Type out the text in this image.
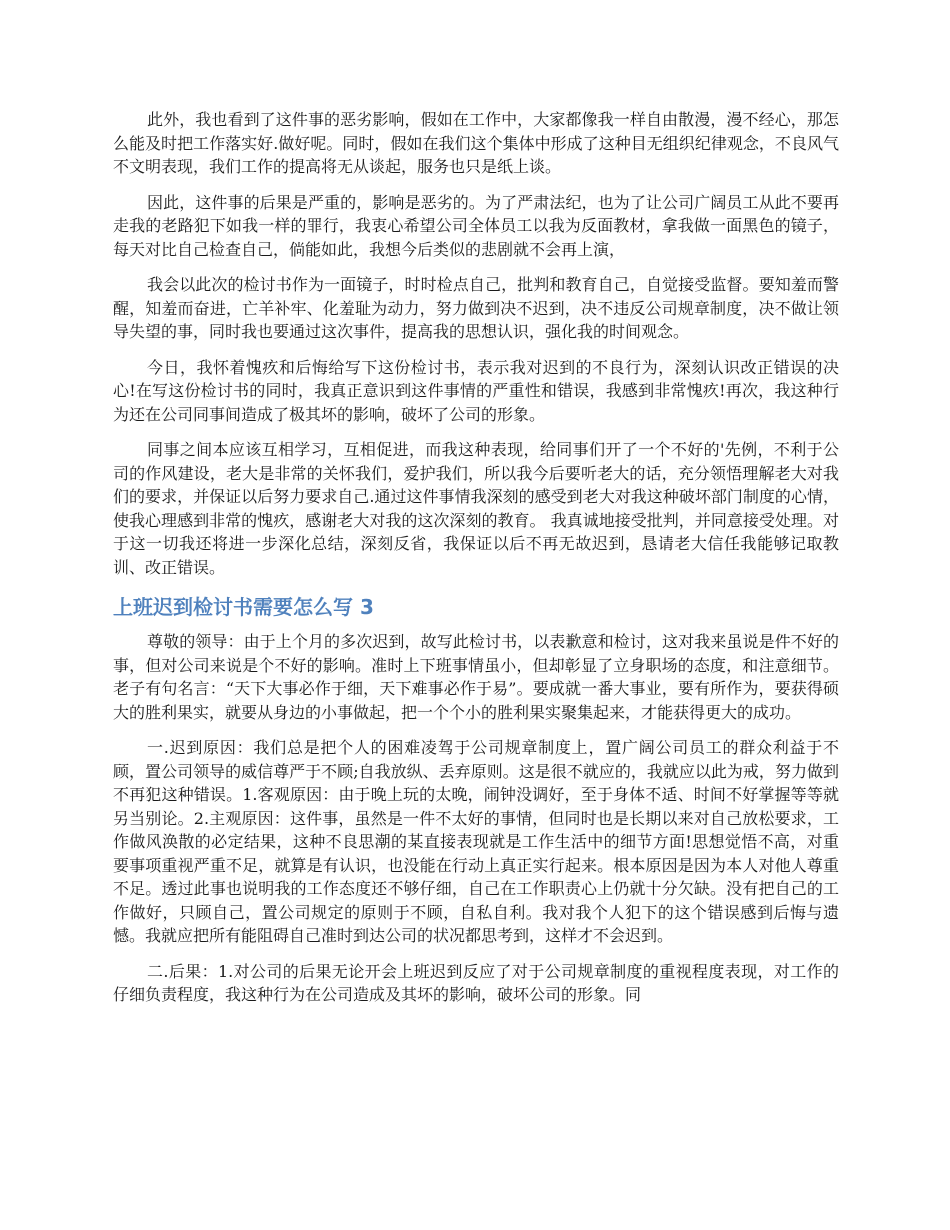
此外，我也看到了这件事的恶劣影响，假如在工作中，大家都像我一样自由散漫，漫不经心，那怎么能及时把工作落实好.做好呢。同时，假如在我们这个集体中形成了这种目无组织纪律观念，不良风气 不文明表现，我们工作的提高将无从谈起，服务也只是纸上谈。

因此，这件事的后果是严重的，影响是恶劣的。为了严肃法纪，也为了让公司广阔员工从此不要再走我的老路犯下如我一样的罪行，我衷心希望公司全体员工以我为反面教材，拿我做一面黑色的镜子，每天对比自己检查自己，倘能如此，我想今后类似的悲剧就不会再上演，

我会以此次的检讨书作为一面镜子，时时检点自己，批判和教育自己，自觉接受监督。要知羞而警醒，知羞而奋进，亡羊补牢、化羞耻为动力，努力做到决不迟到，决不违反公司规章制度，决不做让领导失望的事，同时我也要通过这次事件，提高我的思想认识，强化我的时间观念。

今日，我怀着愧疚和后悔给写下这份检讨书，表示我对迟到的不良行为，深刻认识改正错误的决心!在写这份检讨书的同时，我真正意识到这件事情的严重性和错误，我感到非常愧疚!再次，我这种行为还在公司同事间造成了极其坏的影响，破坏了公司的形象。

同事之间本应该互相学习，互相促进，而我这种表现，给同事们开了一个不好的'先例，不利于公司的作风建设，老大是非常的关怀我们，爱护我们，所以我今后要听老大的话，充分领悟理解老大对我们的要求，并保证以后努力要求自己.通过这件事情我深刻的感受到老大对我这种破坏部门制度的心情，使我心理感到非常的愧疚，感谢老大对我的这次深刻的教育。 我真诚地接受批判，并同意接受处理。对于这一切我还将进一步深化总结，深刻反省，我保证以后不再无故迟到，恳请老大信任我能够记取教训、改正错误。

上班迟到检讨书需要怎么写 3

尊敬的领导：由于上个月的多次迟到，故写此检讨书，以表歉意和检讨，这对我来虽说是件不好的事，但对公司来说是个不好的影响。准时上下班事情虽小，但却彰显了立身职场的态度，和注意细节。老子有句名言：“天下大事必作于细，天下难事必作于易”。要成就一番大事业，要有所作为，要获得硕大的胜利果实，就要从身边的小事做起，把一个个小的胜利果实聚集起来，才能获得更大的成功。

一.迟到原因：我们总是把个人的困难凌驾于公司规章制度上，置广阔公司员工的群众利益于不顾，置公司领导的威信尊严于不顾;自我放纵、丢弃原则。这是很不就应的，我就应以此为戒，努力做到不再犯这种错误。1.客观原因：由于晚上玩的太晚，闹钟没调好，至于身体不适、时间不好掌握等等就另当别论。2.主观原因：这件事，虽然是一件不太好的事情，但同时也是长期以来对自己放松要求，工作做风涣散的必定结果，这种不良思潮的某直接表现就是工作生活中的细节方面!思想觉悟不高，对重要事项重视严重不足，就算是有认识，也没能在行动上真正实行起来。根本原因是因为本人对他人尊重不足。透过此事也说明我的工作态度还不够仔细，自己在工作职责心上仍就十分欠缺。没有把自己的工作做好，只顾自己，置公司规定的原则于不顾，自私自利。我对我个人犯下的这个错误感到后悔与遗憾。我就应把所有能阻碍自己准时到达公司的状况都思考到，这样才不会迟到。

二.后果：1.对公司的后果无论开会上班迟到反应了对于公司规章制度的重视程度表现，对工作的仔细负责程度，我这种行为在公司造成及其坏的影响，破坏公司的形象。同
